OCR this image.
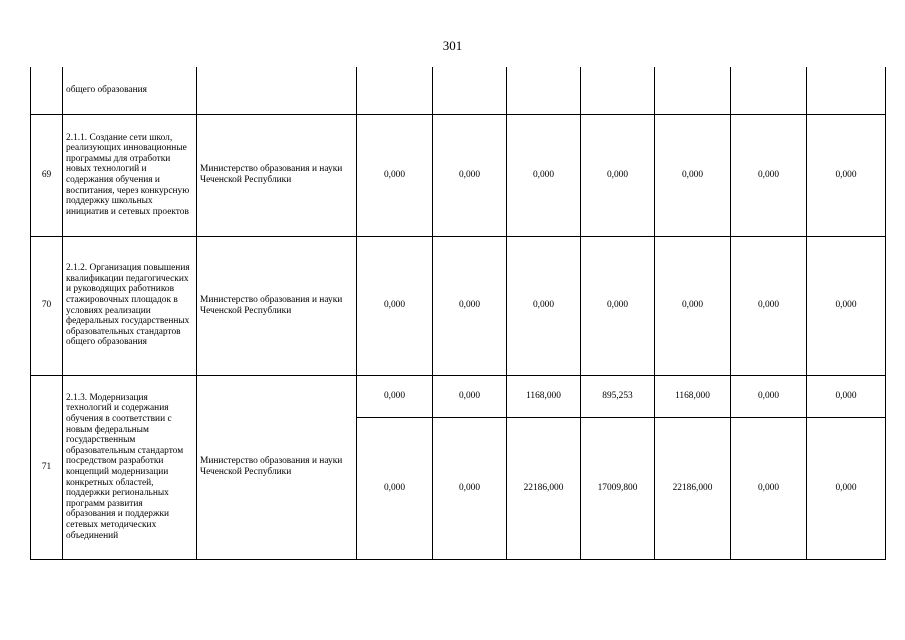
301
	общего образования								
69	2.1.1. Создание сети школ, реализующих инновационные программы для отработки новых технологий и содержания обучения и воспитания, через конкурсную поддержку школьных инициатив и сетевых проектов	Министерство образования и науки Чеченской Республики	0,000	0,000	0,000	0,000	0,000	0,000	0,000
70	2.1.2. Организация повышения квалификации педагогических и руководящих работников стажировочных площадок в условиях реализации федеральных государственных образовательных стандартов общего образования	Министерство образования и науки Чеченской Республики	0,000	0,000	0,000	0,000	0,000	0,000	0,000
71	2.1.3. Модернизация технологий и содержания обучения в соответствии с новым федеральным государственным образовательным стандартом посредством разработки концепций модернизации конкретных областей, поддержки региональных программ развития образования и поддержки сетевых методических объединений	Министерство образования и науки Чеченской Республики	0,000	0,000	1168,000	895,253	1168,000	0,000	0,000
			0,000	0,000	22186,000	17009,800	22186,000	0,000	0,000
